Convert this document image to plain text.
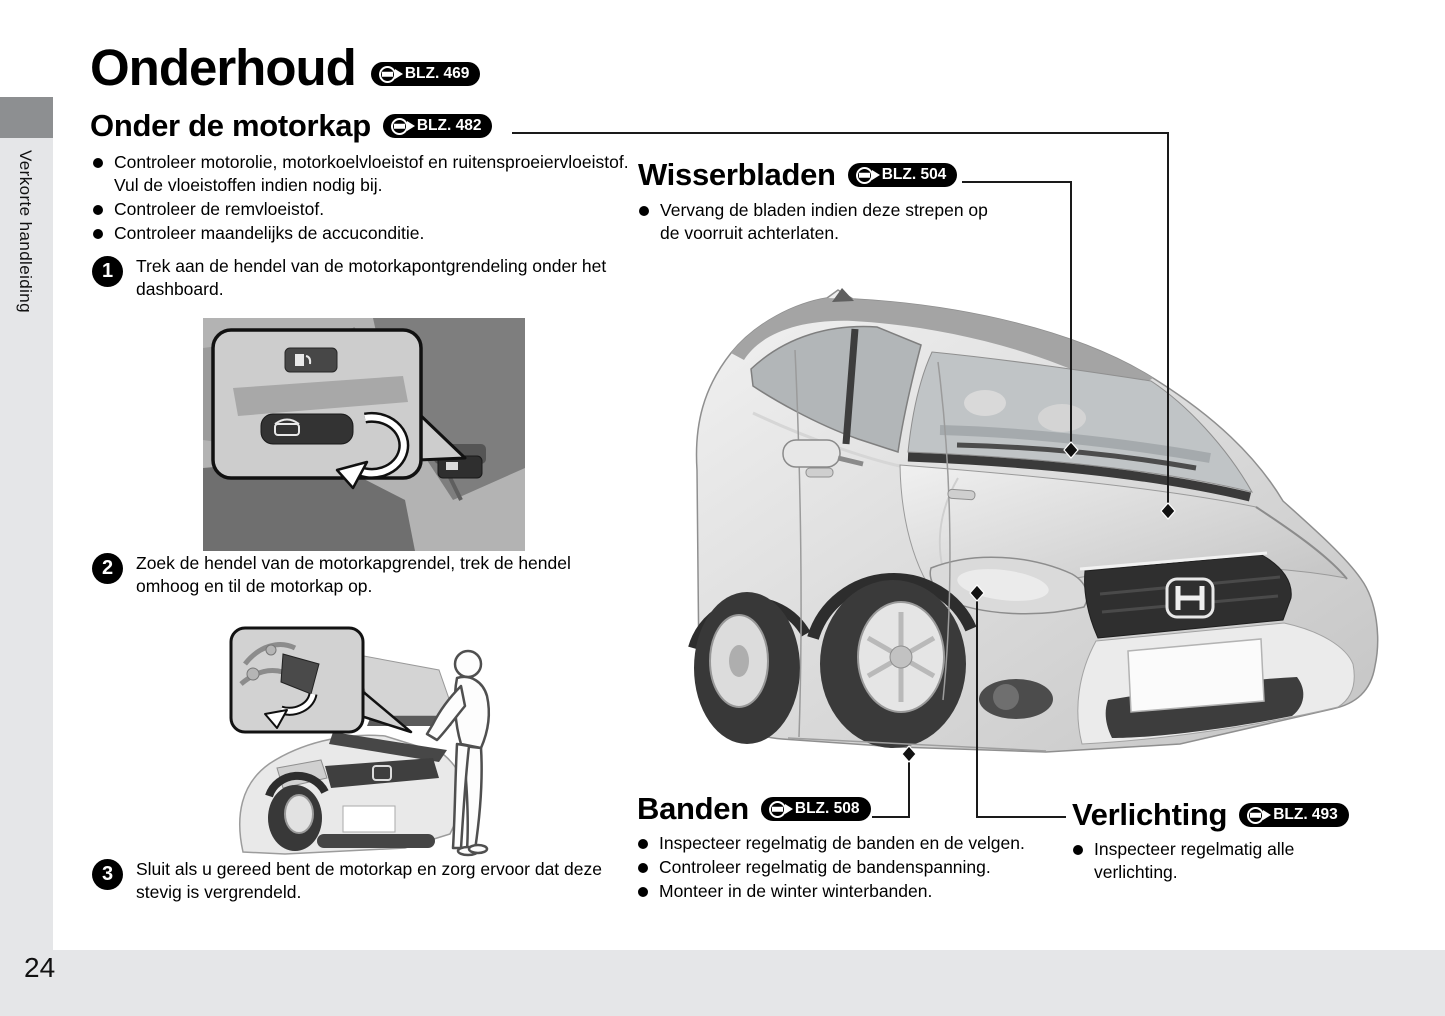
Verkorte handleiding
24
Onderhoud	BLZ. 469
Onder de motorkap	BLZ. 482
Controleer motorolie, motorkoelvloeistof en ruitensproeiervloeistof. Vul de vloeistoffen indien nodig bij.
Controleer de remvloeistof.
Controleer maandelijks de accuconditie.
1	Trek aan de hendel van de motorkapontgrendeling onder het dashboard.
2	Zoek de hendel van de motorkapgrendel, trek de hendel omhoog en til de motorkap op.
3	Sluit als u gereed bent de motorkap en zorg ervoor dat deze stevig is vergrendeld.
Wisserbladen	BLZ. 504
Vervang de bladen indien deze strepen op de voorruit achterlaten.
Banden	BLZ. 508
Inspecteer regelmatig de banden en de velgen.
Controleer regelmatig de bandenspanning.
Monteer in de winter winterbanden.
Verlichting	BLZ. 493
Inspecteer regelmatig alle verlichting.
